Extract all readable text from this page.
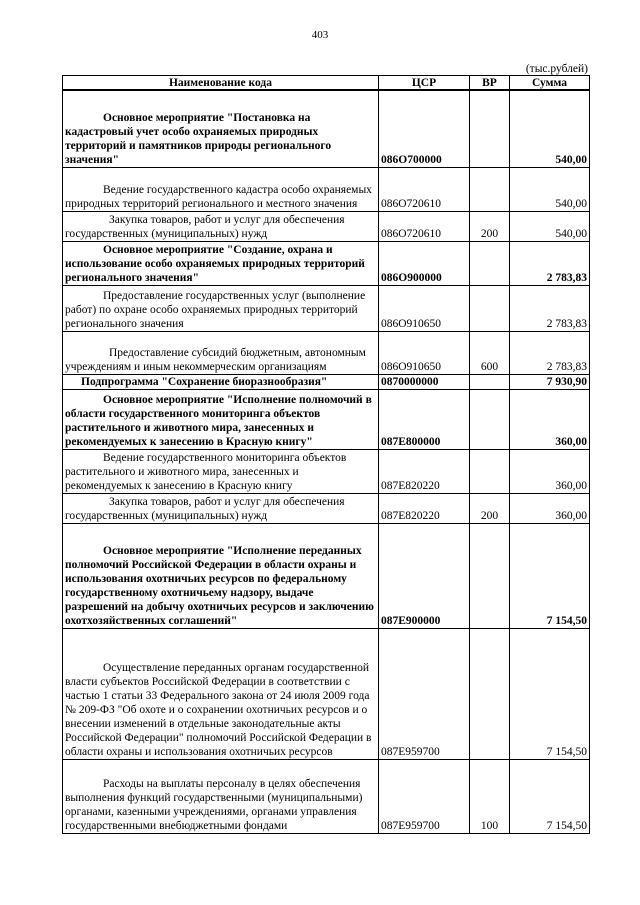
403
(тыс.рублей)
Наименование кода	ЦСР	ВР	Сумма
Основное мероприятие "Постановка на кадастровый учет особо охраняемых природных территорий и памятников природы регионального значения"	086O700000		540,00
Ведение государственного кадастра особо охраняемых природных территорий регионального и местного значения	086O720610		540,00
Закупка товаров, работ и услуг для обеспечения государственных (муниципальных) нужд	086O720610	200	540,00
Основное мероприятие "Создание, охрана и использование особо охраняемых природных территорий регионального значения"	086O900000		2 783,83
Предоставление государственных услуг (выполнение работ) по охране особо охраняемых природных территорий регионального значения	086O910650		2 783,83
Предоставление субсидий бюджетным, автономным учреждениям и иным некоммерческим организациям	086O910650	600	2 783,83
Подпрограмма "Сохранение биоразнообразия"	0870000000		7 930,90
Основное мероприятие "Исполнение полномочий в области государственного мониторинга объектов растительного и животного мира, занесенных и рекомендуемых к занесению в Красную книгу"	087E800000		360,00
Ведение государственного мониторинга объектов растительного и животного мира, занесенных и рекомендуемых к занесению в Красную книгу	087E820220		360,00
Закупка товаров, работ и услуг для обеспечения государственных (муниципальных) нужд	087E820220	200	360,00
Основное мероприятие "Исполнение переданных полномочий Российской Федерации в области охраны и использования охотничьих ресурсов по федеральному государственному охотничьему надзору, выдаче разрешений на добычу охотничьих ресурсов и заключению охотхозяйственных соглашений"	087E900000		7 154,50
Осуществление переданных органам государственной власти субъектов Российской Федерации в соответствии с частью 1 статьи 33 Федерального закона от 24 июля 2009 года № 209-ФЗ "Об охоте и о сохранении охотничьих ресурсов и о внесении изменений в отдельные законодательные акты Российской Федерации" полномочий Российской Федерации в области охраны и использования охотничьих ресурсов	087E959700		7 154,50
Расходы на выплаты персоналу в целях обеспечения выполнения функций государственными (муниципальными) органами, казенными учреждениями, органами управления государственными внебюджетными фондами	087E959700	100	7 154,50
